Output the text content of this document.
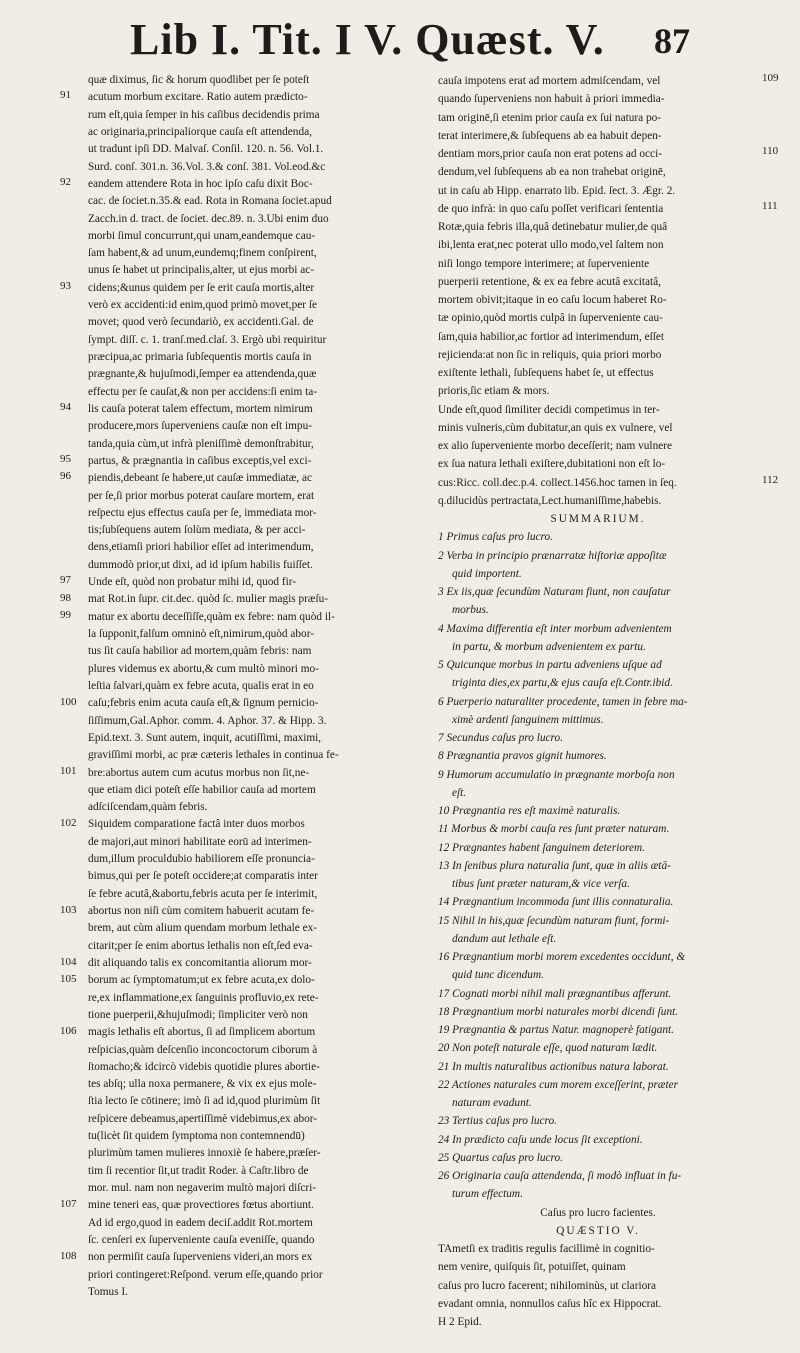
Lib I. Tit. I V. Quæst. V. 87
quæ diximus, ſic & horum quodlibet per ſe poteſt
acutum morbum excitare. Ratio autem prædicto-
rum eſt,quia ſemper in his caſibus decidendis prima
ac originaria,principaliorque cauſa eſt attendenda,
ut tradunt ipſi DD. Malvaſ. Conſil. 120. n. 56. Vol.1.
Surd. conſ. 301.n. 36.Vol. 3.& conſ. 381. Vol.eod.&c
eandem attendere Rota in hoc ipſo caſu dixit Boc-
cac. de ſociet.n.35.& ead. Rota in Romana ſociet.apud
Zacch.in d. tract. de ſociet. dec.89. n. 3.Ubi enim duo
morbi ſimul concurrunt,qui unam,eandemque cau-
ſam habent,& ad unum,eundemq;finem conſpirent,
unus ſe habet ut principalis,alter, ut ejus morbi ac-
cidens;&unus quidem per ſe erit cauſa mortis,alter
verò ex accidenti:id enim,quod primò movet,per ſe
movet; quod verò ſecundariò, ex accidenti.Gal. de
ſympt. diſſ. c. 1. tranſ.med.claſ. 3. Ergò ubi requiritur
præcipua,ac primaria ſubſequentis mortis cauſa in
prægnante,& hujuſmodi,ſemper ea attendenda,quæ
effectu per ſe cauſat,& non per accidens:ſi enim ta-
lis cauſa poterat talem effectum, mortem nimirum
producere,mors ſuperveniens cauſæ non eſt impu-
tanda,quia cùm,ut infrà pleniſſimè demonſtrabitur,
partus, & prægnantia in caſibus exceptis,vel exci-
piendis,debeant ſe habere,ut cauſæ immediatæ, ac
per ſe,ſi prior morbus poterat cauſare mortem, erat
reſpectu ejus effectus cauſa per ſe, immediata mor-
tis;ſubſequens autem ſolùm mediata, & per acci-
dens,etiamſi priori habilior eſſet ad interimendum,
dummodò prior,ut dixi, ad id ipſum habilis fuiſſet.
Unde eſt, quòd non probatur mihi id, quod fir-
mat Rot.in ſupr. cit.dec. quòd ſc. mulier magis præſu-
matur ex abortu deceſſiſſe,quàm ex febre: nam quòd il-
la ſupponit,falſum omninò eſt,nimirum,quòd abor-
tus ſit cauſa habilior ad mortem,quàm febris: nam
plures videmus ex abortu,& cum multò minori mo-
leſtia ſalvari,quàm ex febre acuta, qualis erat in eo
caſu;febris enim acuta cauſa eſt,& ſignum pernicio-
ſiſſimum,Gal.Aphor. comm. 4. Aphor. 37. & Hipp. 3.
Epid.text. 3. Sunt autem, inquit, acutiſſimi, maximi,
graviſſimi morbi, ac præ cæteris lethales in continua fe-
bre:abortus autem cum acutus morbus non ſit,ne-
que etiam dici poteſt eſſe habilior cauſa ad mortem
adſciſcendam,quàm febris.
Siquidem comparatione factâ inter duos morbos
de majori,aut minori habilitate eorū ad interimen-
dum,illum proculdubio habiliorem eſſe pronuncia-
bimus,qui per ſe poteſt occidere;at comparatis inter
ſe febre acutâ,&abortu,febris acuta per ſe interimit,
abortus non niſi cùm comitem habuerit acutam fe-
brem, aut cùm alium quendam morbum lethale ex-
citarit;per ſe enim abortus lethalis non eſt,ſed eva-
dit aliquando talis ex concomitantia aliorum mor-
borum ac ſymptomatum;ut ex febre acuta,ex dolo-
re,ex inflammatione,ex ſanguinis profluvio,ex rete-
tione puerperii,&hujuſmodi; ſimpliciter verò non
magis lethalis eſt abortus, ſi ad ſimplicem abortum
reſpicias,quàm deſcenſio inconcoctorum ciborum à
ſtomacho;& idcircò videbis quotidie plures abortie-
tes abſq; ulla noxa permanere, & vix ex ejus mole-
ſtia lecto ſe cōtinere; imò ſi ad id,quod plurimùm ſit
reſpicere debeamus,apertiſſimè videbimus,ex abor-
tu(licèt ſit quidem ſymptoma non contemnendū)
plurimùm tamen mulieres innoxiè ſe habere,præſer-
tim ſi recentior ſit,ut tradit Roder. à Caſtr.libro de
mor. mul. nam non negaverim multò majori diſcri-
mine teneri eas, quæ provectiores fœtus abortiunt.
Ad id ergo,quod in eadem deciſ.addit Rot.mortem
ſc. cenſeri ex ſuperveniente cauſa eveniſſe, quando
non permiſit cauſa ſuperveniens videri,an mors ex
priori contingeret:Reſpond. verum eſſe,quando prior
Tomus I.
91
92
93
94
95
96
97
98
99
100
101
102
103
104
105
106
107
108
cauſa impotens erat ad mortem admiſcendam, vel
quando ſuperveniens non habuit à priori immedia-
tam originē,ſi etenim prior cauſa ex ſui natura po-
terat interimere,& ſubſequens ab ea habuit depen-
dentiam mors,prior cauſa non erat potens ad occi-
dendum,vel ſubſequens ab ea non trahebat originē,
ut in caſu ab Hipp. enarrato lib. Epid. ſect. 3. Ægr. 2.
de quo infrà: in quo caſu poſſet verificari ſententia
Rotæ,quia febris illa,quâ detinebatur mulier,de quâ
ibi,lenta erat,nec poterat ullo modo,vel ſaltem non
niſi longo tempore interimere; at ſuperveniente
puerperii retentione, & ex ea febre acutâ excitatâ,
mortem obivit;itaque in eo caſu locum haberet Ro-
tæ opinio,quòd mortis culpâ in ſuperveniente cau-
ſam,quia habilior,ac fortior ad interimendum, eſſet
rejicienda:at non ſic in reliquis, quia priori morbo
exiſtente lethali, ſubſequens habet ſe, ut effectus
prioris,ſic etiam & mors.
Unde eſt,quod ſimiliter decidi competimus in ter-
minis vulneris,cùm dubitatur,an quis ex vulnere, vel
ex alio ſuperveniente morbo deceſſerit; nam vulnere
ex ſua natura lethali exiſtere,dubitationi non eſt lo-
cus:Ricc. coll.dec.p.4. collect.1456.hoc tamen in ſeq.
q.dilucidùs pertractata,Lect.humaniſſime,habebis.
SUMMARIUM.
1 Primus caſus pro lucro.
2 Verba in principio prænarratæ hiſtoriæ appoſitæ
quid importent.
3 Ex iis,quæ ſecundùm Naturam fiunt, non cauſatur
morbus.
4 Maxima differentia eſt inter morbum advenientem
in partu, & morbum advenientem ex partu.
5 Quicunque morbus in partu adveniens uſque ad
triginta dies,ex partu,& ejus cauſa eſt.Contr.ibid.
6 Puerperio naturaliter procedente, tamen in febre ma-
ximè ardenti ſanguinem mittimus.
7 Secundus caſus pro lucro.
8 Prægnantia pravos gignit humores.
9 Humorum accumulatio in prægnante morboſa non
eſt.
10 Prægnantia res eſt maximè naturalis.
11 Morbus & morbi cauſa res ſunt præter naturam.
12 Prægnantes habent ſanguinem deteriorem.
13 In ſenibus plura naturalia ſunt, quæ in aliis ætā-
tibus ſunt præter naturam,& vice verſa.
14 Prægnantium incommoda ſunt illis connaturalia.
15 Nihil in his,quæ ſecundùm naturam fiunt, formi-
dandum aut lethale eſt.
16 Prægnantium morbi morem excedentes occidunt, &
quid tunc dicendum.
17 Cognati morbi nihil mali prægnantibus afferunt.
18 Prægnantium morbi naturales morbi dicendi ſunt.
19 Prægnantia & partus Natur. magnoperè fatigant.
20 Non poteſt naturale eſſe, quod naturam lædit.
21 In multis naturalibus actionibus natura laborat.
22 Actiones naturales cum morem exceſſerint, præter
naturam evadunt.
23 Tertius caſus pro lucro.
24 In prædicto caſu unde locus ſit exceptioni.
25 Quartus caſus pro lucro.
26 Originaria cauſa attendenda, ſi modò influat in fu-
turum effectum.
Caſus pro lucro facientes.
QUÆSTIO V.
TAmetſi ex traditis regulis facillimè in cognitio-
nem venire, quiſquis ſit, potuiſſet, quinam
caſus pro lucro facerent; nihilominùs, ut clariora
evadant omnia, nonnullos caſus hîc ex Hippocrat.
H 2 Epid.
109
110
111
112
